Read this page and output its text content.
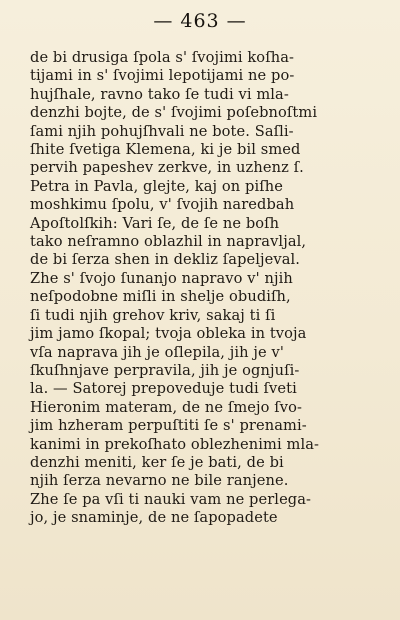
— 463 —
de bi drusiga ſpola s' ſvojimi koſha-
tijami in s' ſvojimi lepotijami ne po-
hujſhale, ravno tako ſe tudi vi mla-
denzhi bojte, de s' ſvojimi poſebnoſtmi
ſami njih pohujſhvali ne bote. Saſli-
ſhite ſvetiga Klemena, ki je bil smed
pervih papeshev zerkve, in uzhenz ſ.
Petra in Pavla, glejte, kaj on piſhe
moshkimu ſpolu, v' ſvojih naredbah
Apoſtolſkih: Vari ſe, de ſe ne boſh
tako neſramno oblazhil in napravljal,
de bi ſerza shen in dekliz ſapeljeval.
Zhe s' ſvojo ſunanjo napravo v' njih
neſpodobne miſli in shelje obudiſh,
ſi tudi njih grehov kriv, sakaj ti ſi
jim jamo ſkopal; tvoja obleka in tvoja
vſa naprava jih je oſlepila, jih je v'
ſkuſhnjave perpravila, jih je ognjuſi-
la. — Satorej prepoveduje tudi ſveti
Hieronim materam, de ne ſmejo ſvo-
jim hzheram perpuſtiti ſe s' prenami-
kanimi in prekoſhato oblezhenimi mla-
denzhi meniti, ker ſe je bati, de bi
njih ſerza nevarno ne bile ranjene.
Zhe ſe pa vſi ti nauki vam ne perlega-
jo, je snaminje, de ne ſapopadete
